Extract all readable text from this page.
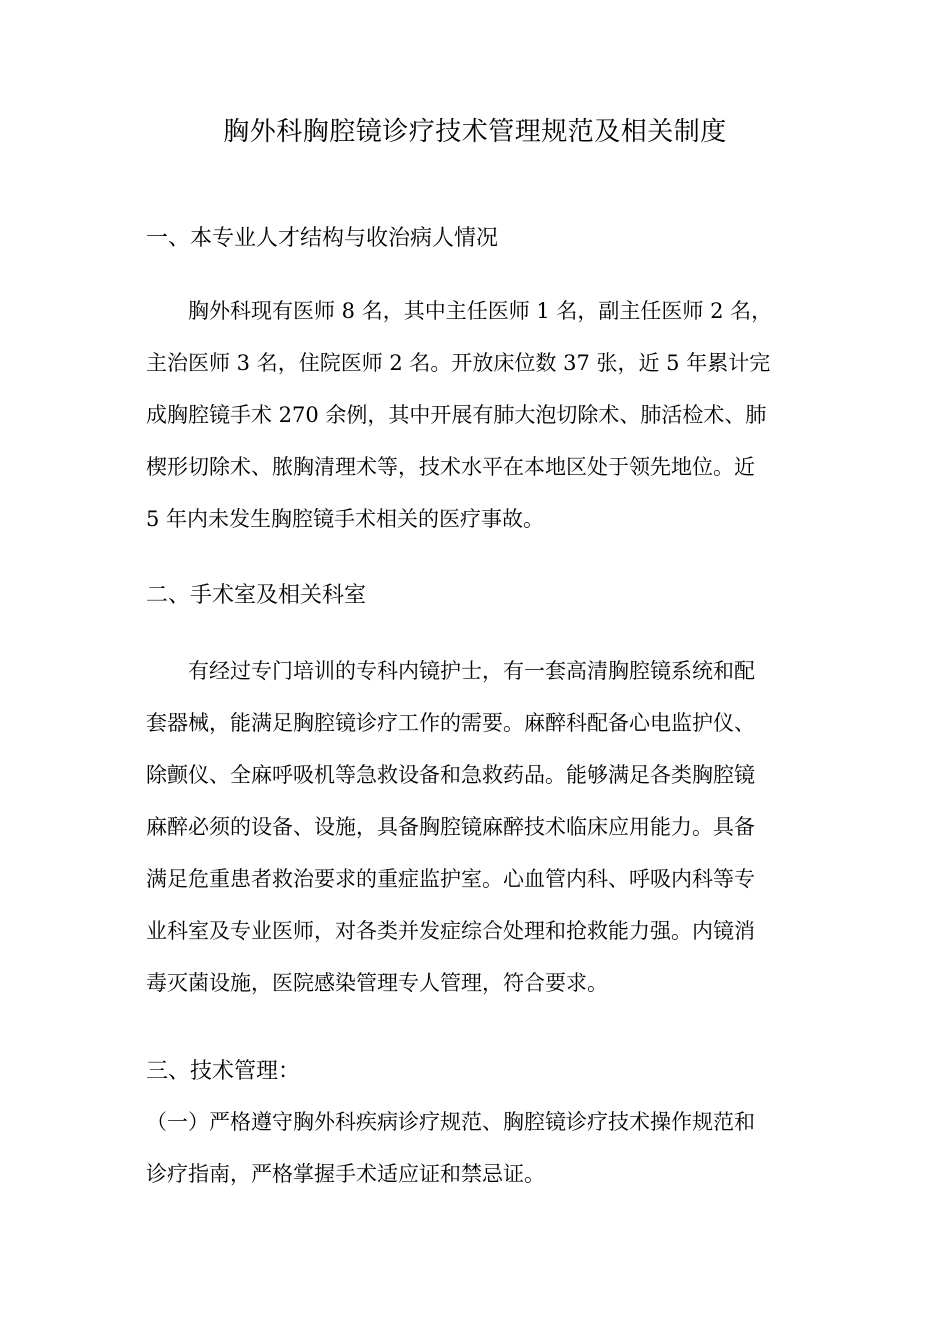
胸外科胸腔镜诊疗技术管理规范及相关制度
一、本专业人才结构与收治病人情况
胸外科现有医师 8 名，其中主任医师 1 名，副主任医师 2 名，
主治医师 3 名，住院医师 2 名。开放床位数 37 张，近 5 年累计完
成胸腔镜手术 270 余例，其中开展有肺大泡切除术、肺活检术、肺
楔形切除术、脓胸清理术等，技术水平在本地区处于领先地位。近
5 年内未发生胸腔镜手术相关的医疗事故。
二、手术室及相关科室
有经过专门培训的专科内镜护士，有一套高清胸腔镜系统和配
套器械，能满足胸腔镜诊疗工作的需要。麻醉科配备心电监护仪、
除颤仪、全麻呼吸机等急救设备和急救药品。能够满足各类胸腔镜
麻醉必须的设备、设施，具备胸腔镜麻醉技术临床应用能力。具备
满足危重患者救治要求的重症监护室。心血管内科、呼吸内科等专
业科室及专业医师，对各类并发症综合处理和抢救能力强。内镜消
毒灭菌设施，医院感染管理专人管理，符合要求。
三、技术管理：
（一）严格遵守胸外科疾病诊疗规范、胸腔镜诊疗技术操作规范和
诊疗指南，严格掌握手术适应证和禁忌证。
